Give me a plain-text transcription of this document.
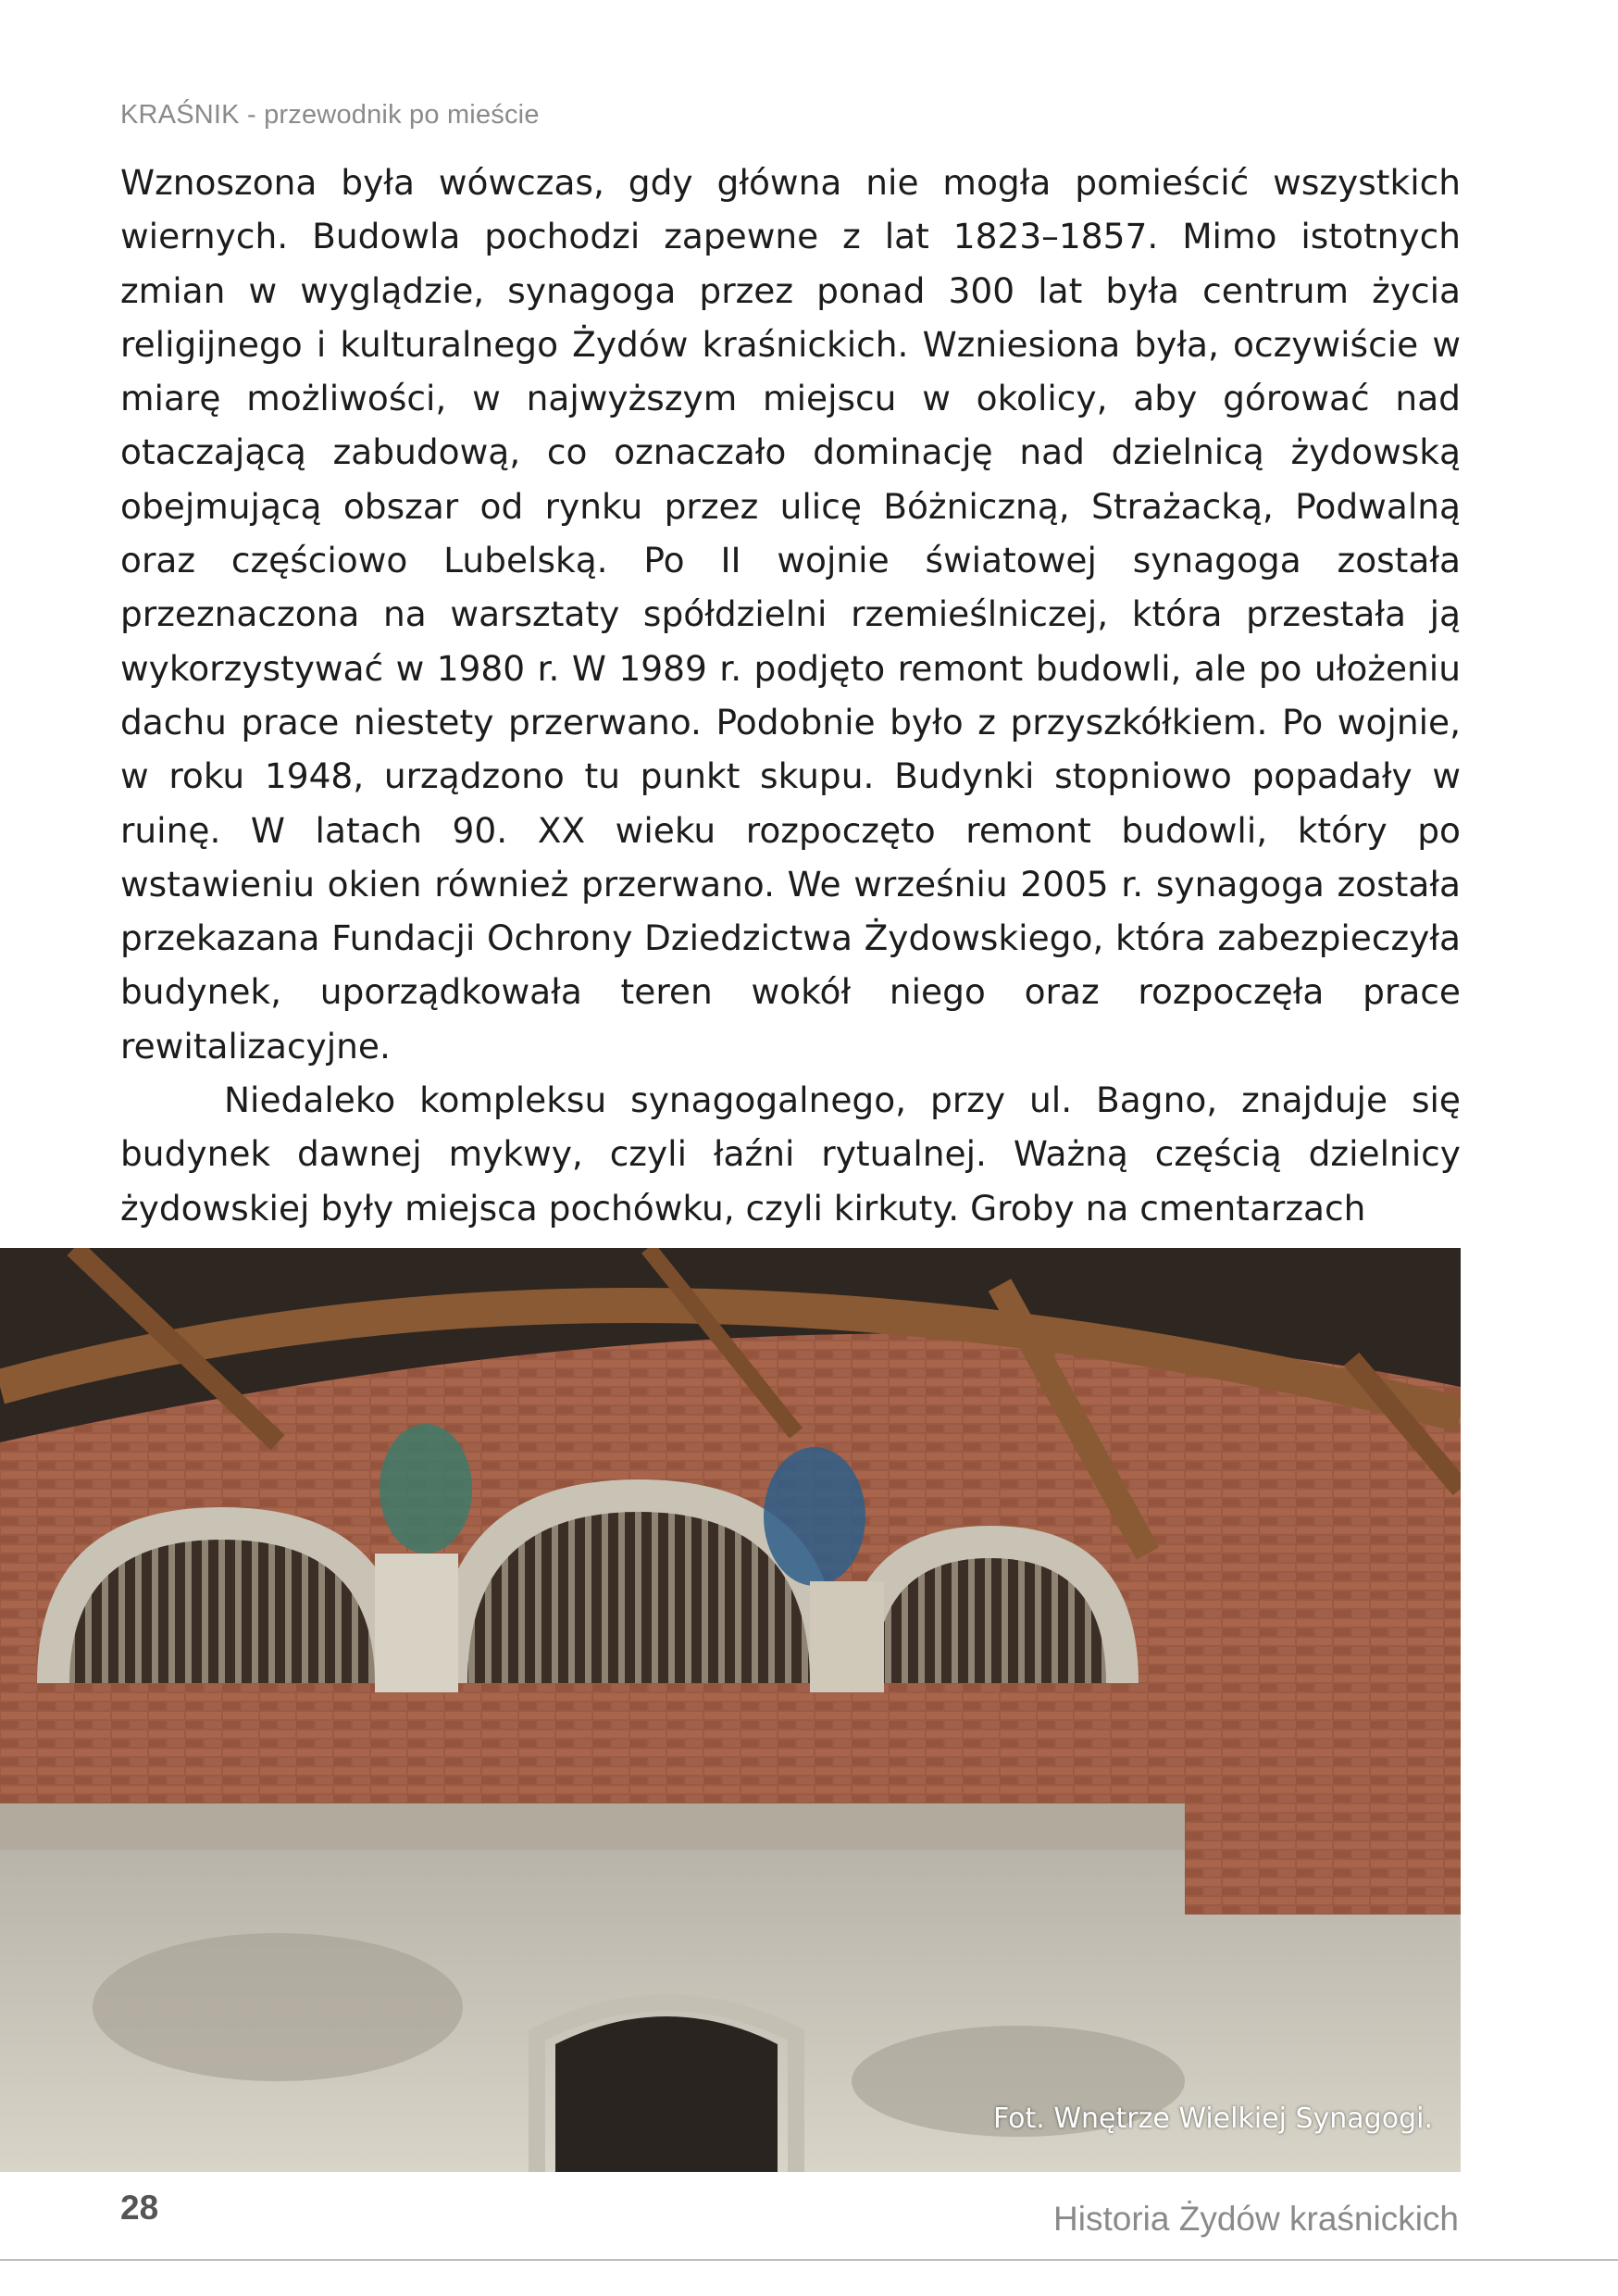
KRAŚNIK - przewodnik po mieście

Wznoszona była wówczas, gdy główna nie mogła pomieścić wszystkich wiernych. Budowla pochodzi zapewne z lat 1823–1857. Mimo istotnych zmian w wyglądzie, synagoga przez ponad 300 lat była centrum życia religijnego i kulturalnego Żydów kraśnickich. Wzniesiona była, oczywiście w miarę możliwości, w najwyższym miejscu w okolicy, aby górować nad otaczającą zabudową, co oznaczało dominację nad dzielnicą żydowską obejmującą obszar od rynku przez ulicę Bóżniczną, Strażacką, Podwalną oraz częściowo Lubelską. Po II wojnie światowej synagoga została przeznaczona na warsztaty spółdzielni rzemieślniczej, która przestała ją wykorzystywać w 1980 r. W 1989 r. podjęto remont budowli, ale po ułożeniu dachu prace niestety przerwano. Podobnie było z przyszkółkiem. Po wojnie, w roku 1948, urządzono tu punkt skupu. Budynki stopniowo popadały w ruinę. W latach 90. XX wieku rozpoczęto remont budowli, który po wstawieniu okien również przerwano. We wrześniu 2005 r. synagoga została przekazana Fundacji Ochrony Dziedzictwa Żydowskiego, która zabezpieczyła budynek, uporządkowała teren wokół niego oraz rozpoczęła prace rewitalizacyjne.

Niedaleko kompleksu synagogalnego, przy ul. Bagno, znajduje się budynek dawnej mykwy, czyli łaźni rytualnej. Ważną częścią dzielnicy żydowskiej były miejsca pochówku, czyli kirkuty. Groby na cmentarzach

Fot. Wnętrze Wielkiej Synagogi.
28	Historia Żydów kraśnickich
